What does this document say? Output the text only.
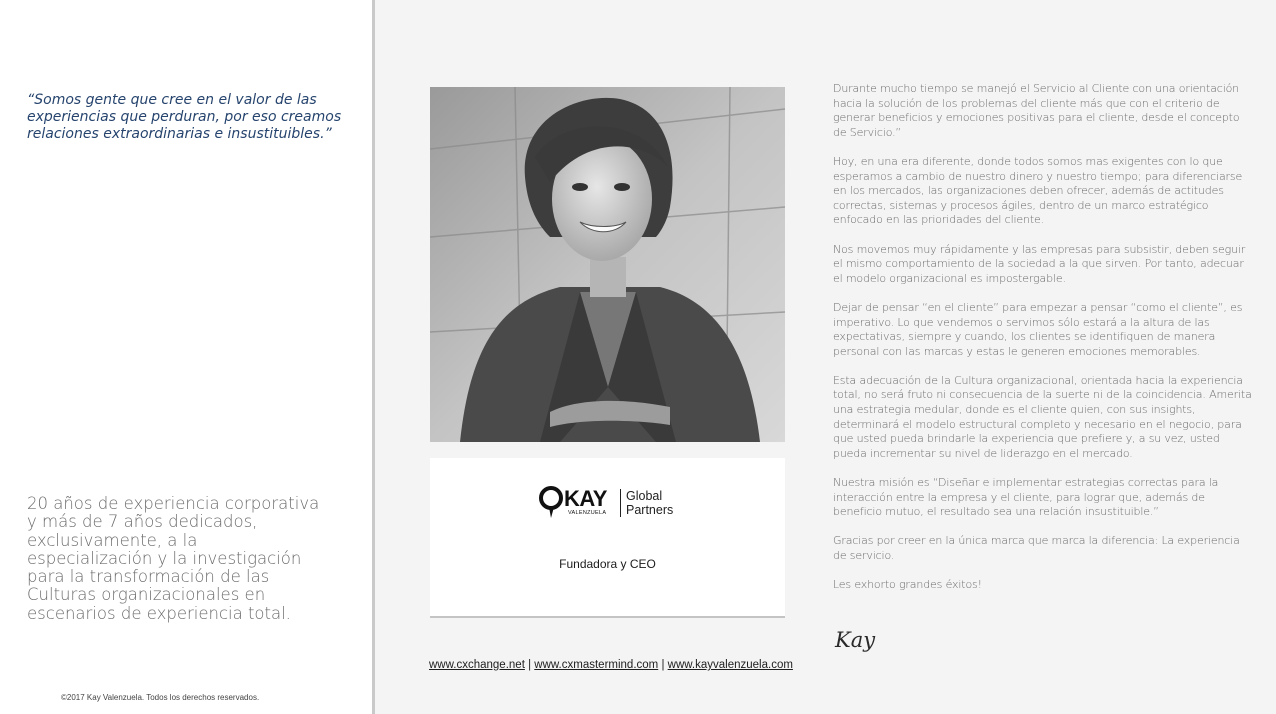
“Somos gente que cree en el valor de las experiencias que perduran, por eso creamos relaciones extraordinarias e insustituibles.”

20 años de experiencia corporativa y más de 7 años dedicados, exclusivamente, a la especialización y la investigación para la transformación de las Culturas organizacionales en escenarios de experiencia total.

©2017 Kay Valenzuela. Todos los derechos reservados.

KAY
VALENZUELA
Global
Partners

Fundadora y CEO

www.cxchange.net | www.cxmastermind.com | www.kayvalenzuela.com

Durante mucho tiempo se manejó el Servicio al Cliente con una orientación hacia la solución de los problemas del cliente más que con el criterio de generar beneficios y emociones positivas para el cliente, desde el concepto de Servicio.”

Hoy, en una era diferente, donde todos somos mas exigentes con lo que esperamos a cambio de nuestro dinero y nuestro tiempo; para diferenciarse en los mercados, las organizaciones deben ofrecer, además de actitudes correctas, sistemas y procesos ágiles, dentro de un marco estratégico enfocado en las prioridades del cliente.

Nos movemos muy rápidamente y las empresas para subsistir, deben seguir el mismo comportamiento de la sociedad a la que sirven. Por tanto, adecuar el modelo organizacional es impostergable.

Dejar de pensar “en el cliente” para empezar a pensar “como el cliente”, es imperativo. Lo que vendemos o servimos sólo estará a la altura de las expectativas, siempre y cuando, los clientes se identifiquen de manera personal con las marcas y estas le generen emociones memorables.

Esta adecuación de la Cultura organizacional, orientada hacia la experiencia total, no será fruto ni consecuencia de la suerte ni de la coincidencia. Amerita una estrategia medular, donde es el cliente quien, con sus insights, determinará el modelo estructural completo y necesario en el negocio, para que usted pueda brindarle la experiencia que prefiere y, a su vez, usted pueda incrementar su nivel de liderazgo en el mercado.

Nuestra misión es “Diseñar e implementar estrategias correctas para la interacción entre la empresa y el cliente, para lograr que, además de beneficio mutuo, el resultado sea una relación insustituible.”

Gracias por creer en la única marca que marca la diferencia: La experiencia de servicio.

Les exhorto grandes éxitos!

Kay
